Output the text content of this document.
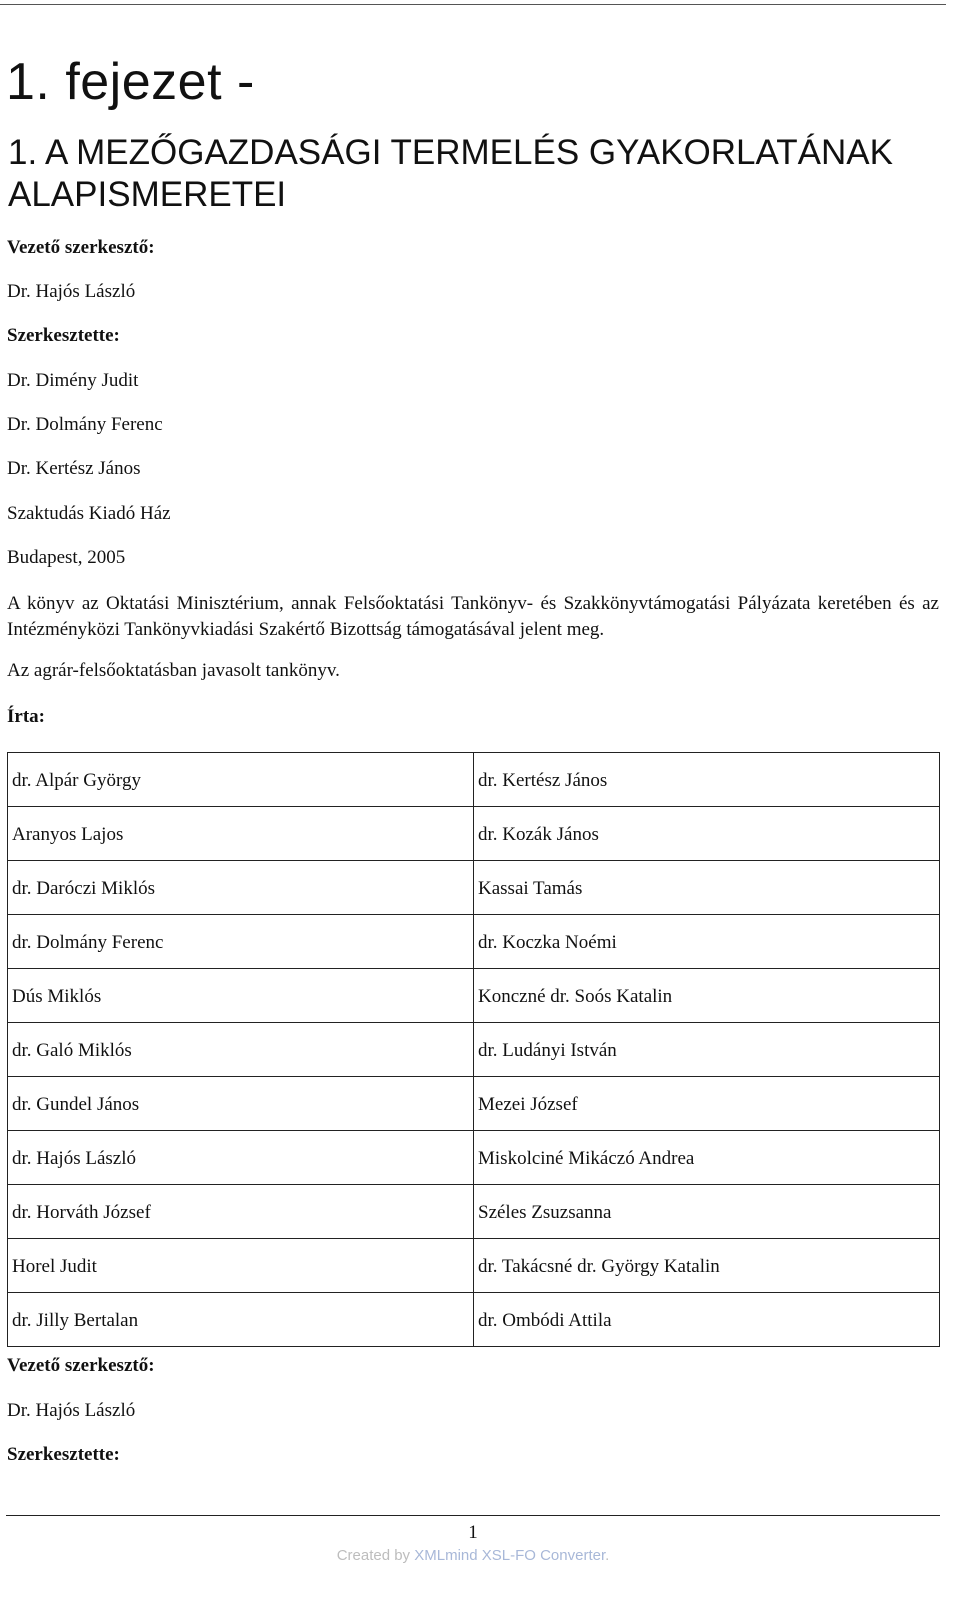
1. fejezet -
1. A MEZŐGAZDASÁGI TERMELÉS GYAKORLATÁNAK ALAPISMERETEI

Vezető szerkesztő:

Dr. Hajós László

Szerkesztette:

Dr. Dimény Judit

Dr. Dolmány Ferenc

Dr. Kertész János

Szaktudás Kiadó Ház

Budapest, 2005

A könyv az Oktatási Minisztérium, annak Felsőoktatási Tankönyv- és Szakkönyvtámogatási Pályázata keretében és az Intézményközi Tankönyvkiadási Szakértő Bizottság támogatásával jelent meg.

Az agrár-felsőoktatásban javasolt tankönyv.

Írta:

dr. Alpár György	dr. Kertész János
Aranyos Lajos	dr. Kozák János
dr. Daróczi Miklós	Kassai Tamás
dr. Dolmány Ferenc	dr. Koczka Noémi
Dús Miklós	Konczné dr. Soós Katalin
dr. Galó Miklós	dr. Ludányi István
dr. Gundel János	Mezei József
dr. Hajós László	Miskolciné Mikáczó Andrea
dr. Horváth József	Széles Zsuzsanna
Horel Judit	dr. Takácsné dr. György Katalin
dr. Jilly Bertalan	dr. Ombódi Attila

Vezető szerkesztő:

Dr. Hajós László

Szerkesztette:

1
Created by XMLmind XSL-FO Converter.
